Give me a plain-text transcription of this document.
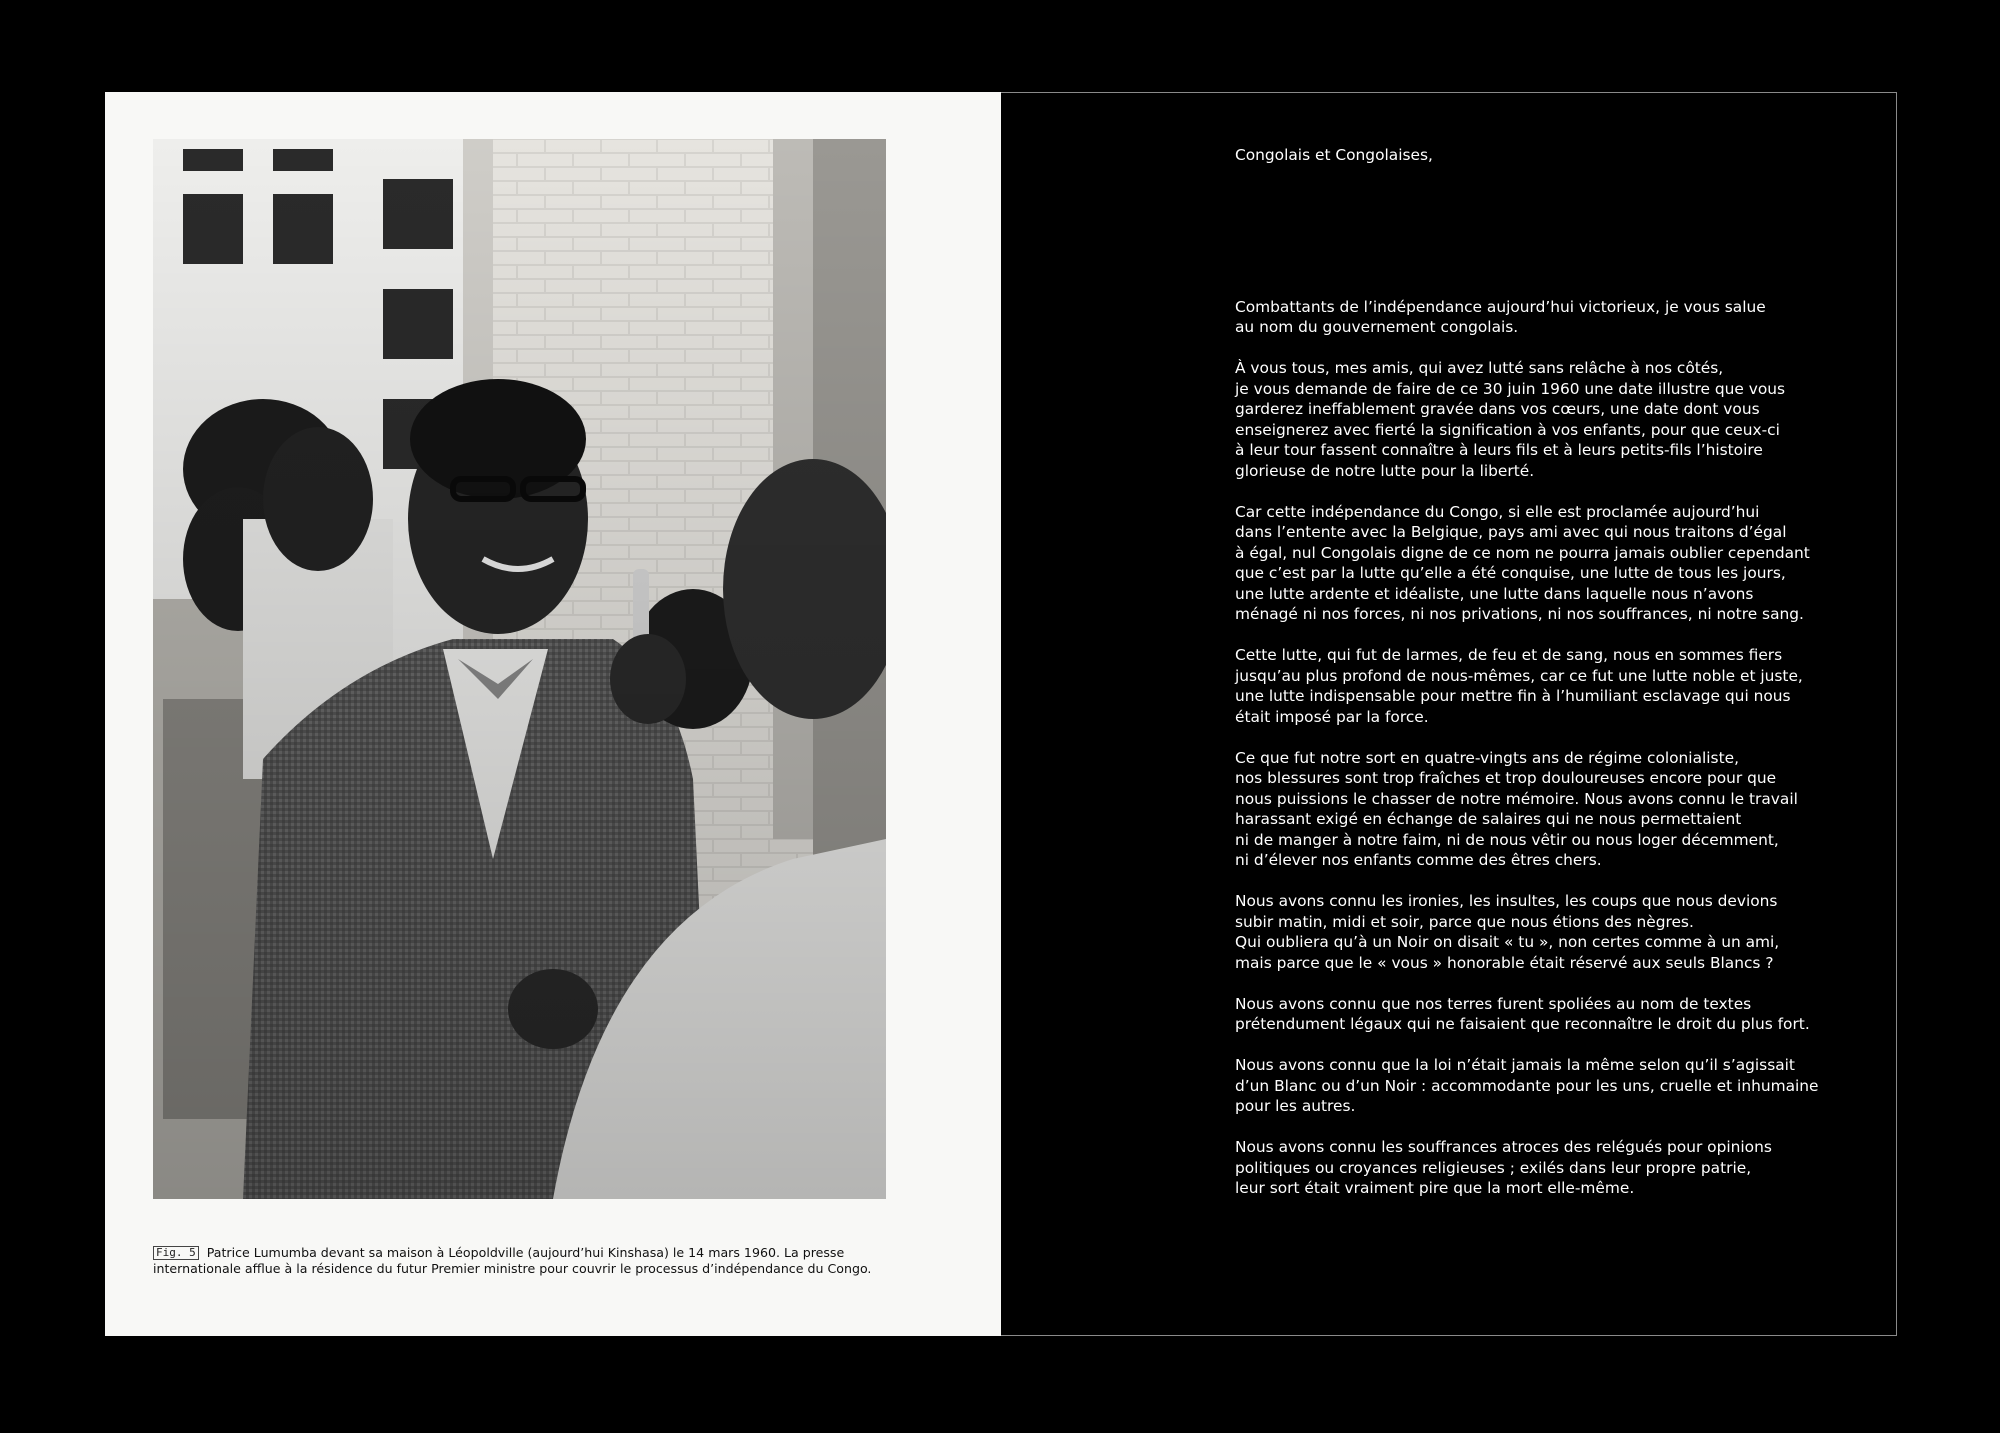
Fig. 5 Patrice Lumumba devant sa maison à Léopoldville (aujourd’hui Kinshasa) le 14 mars 1960. La presse internationale afflue à la résidence du futur Premier ministre pour couvrir le processus d’indépendance du Congo.

Congolais et Congolaises,

Combattants de l’indépendance aujourd’hui victorieux, je vous salue
au nom du gouvernement congolais.

À vous tous, mes amis, qui avez lutté sans relâche à nos côtés,
je vous demande de faire de ce 30 juin 1960 une date illustre que vous
garderez ineffablement gravée dans vos cœurs, une date dont vous
enseignerez avec fierté la signification à vos enfants, pour que ceux-ci
à leur tour fassent connaître à leurs fils et à leurs petits-fils l’histoire
glorieuse de notre lutte pour la liberté.

Car cette indépendance du Congo, si elle est proclamée aujourd’hui
dans l’entente avec la Belgique, pays ami avec qui nous traitons d’égal
à égal, nul Congolais digne de ce nom ne pourra jamais oublier cependant
que c’est par la lutte qu’elle a été conquise, une lutte de tous les jours,
une lutte ardente et idéaliste, une lutte dans laquelle nous n’avons
ménagé ni nos forces, ni nos privations, ni nos souffrances, ni notre sang.

Cette lutte, qui fut de larmes, de feu et de sang, nous en sommes fiers
jusqu’au plus profond de nous-mêmes, car ce fut une lutte noble et juste,
une lutte indispensable pour mettre fin à l’humiliant esclavage qui nous
était imposé par la force.

Ce que fut notre sort en quatre-vingts ans de régime colonialiste,
nos blessures sont trop fraîches et trop douloureuses encore pour que
nous puissions le chasser de notre mémoire. Nous avons connu le travail
harassant exigé en échange de salaires qui ne nous permettaient
ni de manger à notre faim, ni de nous vêtir ou nous loger décemment,
ni d’élever nos enfants comme des êtres chers.

Nous avons connu les ironies, les insultes, les coups que nous devions
subir matin, midi et soir, parce que nous étions des nègres.
Qui oubliera qu’à un Noir on disait « tu », non certes comme à un ami,
mais parce que le « vous » honorable était réservé aux seuls Blancs ?

Nous avons connu que nos terres furent spoliées au nom de textes
prétendument légaux qui ne faisaient que reconnaître le droit du plus fort.

Nous avons connu que la loi n’était jamais la même selon qu’il s’agissait
d’un Blanc ou d’un Noir : accommodante pour les uns, cruelle et inhumaine
pour les autres.

Nous avons connu les souffrances atroces des relégués pour opinions
politiques ou croyances religieuses ; exilés dans leur propre patrie,
leur sort était vraiment pire que la mort elle-même.
